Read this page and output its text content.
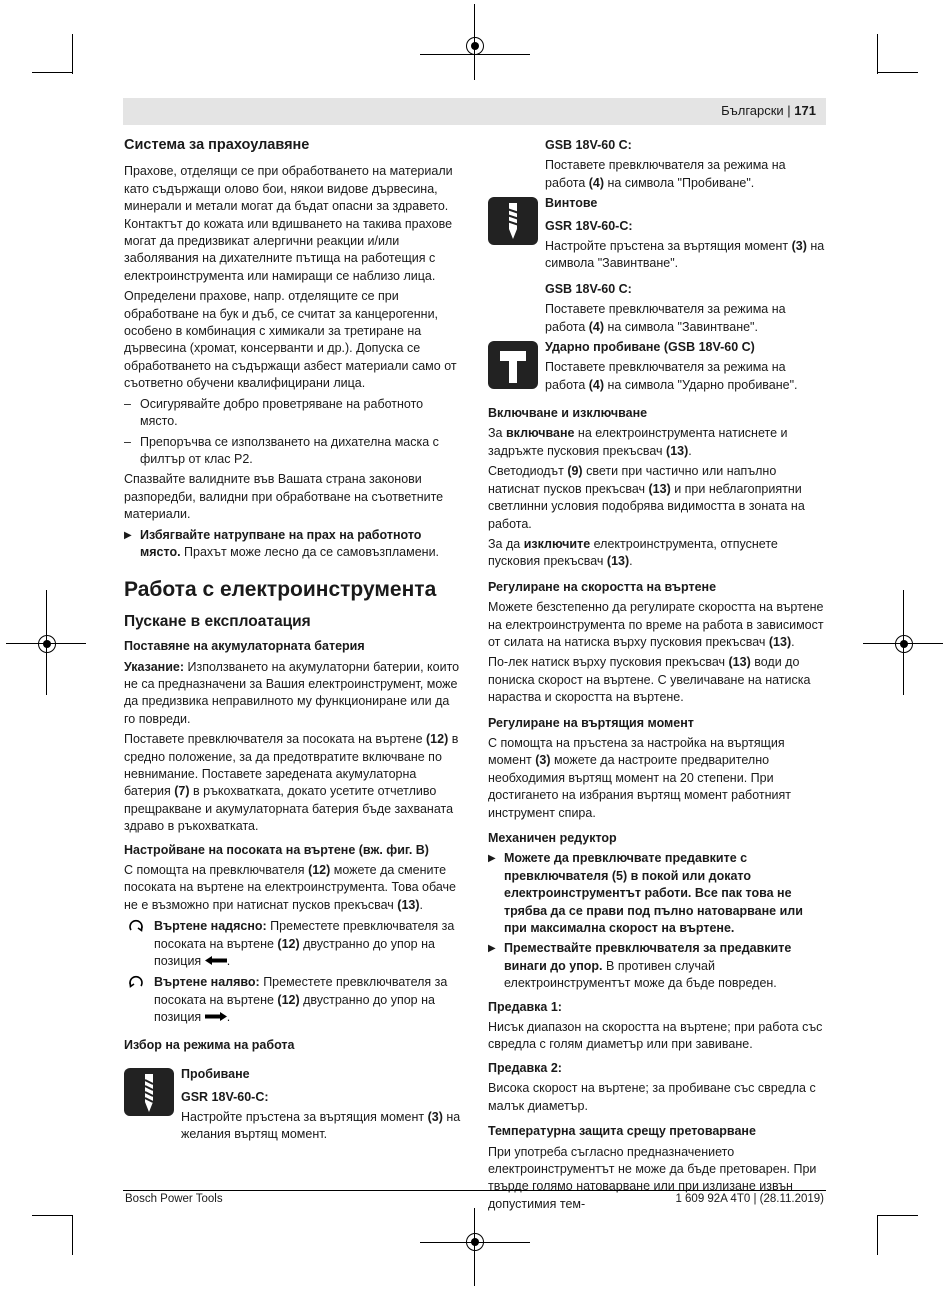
Български | 171
Система за прахоулавяне

Прахове, отделящи се при обработването на материали като съдържащи олово бои, някои видове дървесина, минерали и метали могат да бъдат опасни за здравето. Контактът до кожата или вдишването на такива прахове могат да предизвикат алергични реакции и/или заболявания на дихателните пътища на работещия с електроинструмента или намиращи се наблизо лица.

Определени прахове, напр. отделящите се при обработване на бук и дъб, се считат за канцерогенни, особено в комбинация с химикали за третиране на дървесина (хромат, консерванти и др.). Допуска се обработването на съдържащи азбест материали само от съответно обучени квалифицирани лица.

– Осигурявайте добро проветряване на работното място.
– Препоръчва се използването на дихателна маска с филтър от клас P2.

Спазвайте валидните във Вашата страна законови разпоредби, валидни при обработване на съответните материали.

▶ Избягвайте натрупване на прах на работното място. Прахът може лесно да се самовъзпламени.
Работа с електроинструмента
Пускане в експлоатация
Поставяне на акумулаторната батерия

Указание: Използването на акумулаторни батерии, които не са предназначени за Вашия електроинструмент, може да предизвика неправилното му функциониране или да го повреди.

Поставете превключвателя за посоката на въртене (12) в средно положение, за да предотвратите включване по невнимание. Поставете заредената акумулаторна батерия (7) в ръкохватката, докато усетите отчетливо прещракване и акумулаторната батерия бъде захваната здраво в ръкохватката.

Настройване на посоката на въртене (вж. фиг. B)

С помощта на превключвателя (12) можете да смените посоката на въртене на електроинструмента. Това обаче не е възможно при натиснат пусков прекъсвач (13).

Въртене надясно: Преместете превключвателя за посоката на въртене (12) двустранно до упор на позиция .
Въртене наляво: Преместете превключвателя за посоката на въртене (12) двустранно до упор на позиция .
Избор на режима на работа

Пробиване

GSR 18V-60-C:

Настройте пръстена за въртящия момент (3) на желания въртящ момент.

GSB 18V-60 C:

Поставете превключвателя за режима на работа (4) на символа "Пробиване".

Винтове

GSR 18V-60-C:

Настройте пръстена за въртящия момент (3) на символа "Завинтване".

GSB 18V-60 C:

Поставете превключвателя за режима на работа (4) на символа "Завинтване".

Ударно пробиване (GSB 18V-60 C)

Поставете превключвателя за режима на работа (4) на символа "Ударно пробиване".

Включване и изключване

За включване на електроинструмента натиснете и задръжте пусковия прекъсвач (13).

Светодиодът (9) свети при частично или напълно натиснат пусков прекъсвач (13) и при неблагоприятни светлинни условия подобрява видимостта в зоната на работа.

За да изключите електроинструмента, отпуснете пусковия прекъсвач (13).

Регулиране на скоростта на въртене

Можете безстепенно да регулирате скоростта на въртене на електроинструмента по време на работа в зависимост от силата на натиска върху пусковия прекъсвач (13).

По-лек натиск върху пусковия прекъсвач (13) води до пониска скорост на въртене. С увеличаване на натиска нараства и скоростта на въртене.

Регулиране на въртящия момент

С помощта на пръстена за настройка на въртящия момент (3) можете да настроите предварително необходимия въртящ момент на 20 степени. При достигането на избрания въртящ момент работният инструмент спира.

Механичен редуктор
▶ Можете да превключвате предавките с превключвателя (5) в покой или докато електроинструментът работи. Все пак това не трябва да се прави под пълно натоварване или при максимална скорост на въртене.
▶ Премествайте превключвателя за предавките винаги до упор. В противен случай електроинструментът може да бъде повреден.
Предавка 1:

Нисък диапазон на скоростта на въртене; при работа със свредла с голям диаметър или при завиване.

Предавка 2:

Висока скорост на въртене; за пробиване със свредла с малък диаметър.

Температурна защита срещу претоварване

При употреба съгласно предназначението електроинструментът не може да бъде претоварен. При твърде голямо натоварване или при излизане извън допустимия тем-

Bosch Power Tools	1 609 92A 4T0 | (28.11.2019)
